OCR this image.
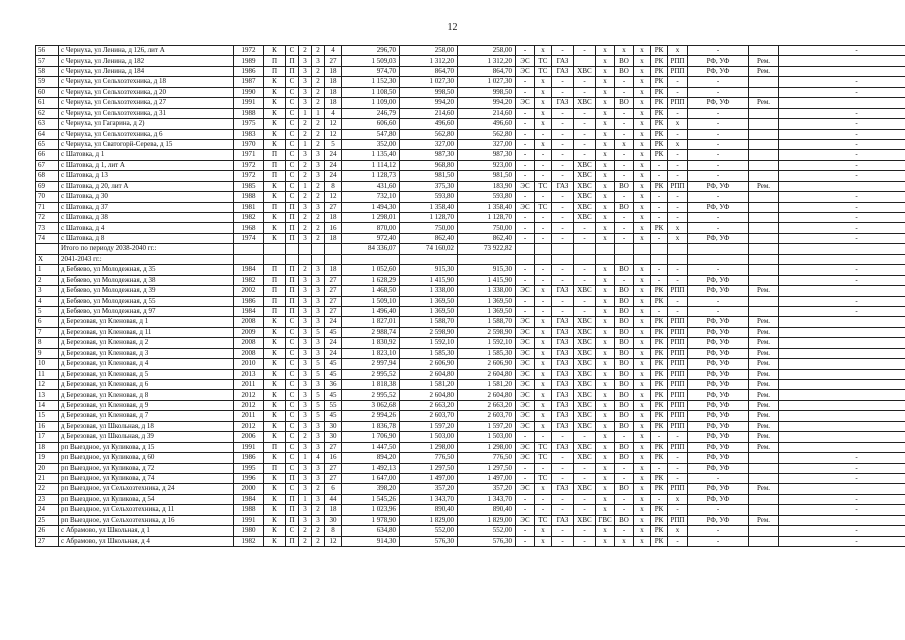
12
56	с Чернуха, ул Ленина, д 126, лит А	1972	К	С	2	2	4	296,70	258,00	258,00	-	х	-	-	х	х	х	РК	х	-		-
57	с Чернуха, ул Ленина, д 182	1989	П	П	3	3	27	1 509,03	1 312,20	1 312,20	ЭС	ТС	ГАЗ		х	ВО	х	РК	РПП	РФ, УФ	Рем.	
58	с Чернуха, ул Ленина, д 184	1986	П	П	3	2	18	974,70	864,70	864,70	ЭС	ТС	ГАЗ	ХВС	х	ВО	х	РК	РПП	РФ, УФ	Рем.	
59	с Чернуха, ул Сельхозтехника, д 18	1987	К	С	3	2	18	1 152,30	1 027,30	1 027,30	-	х	-	-	х	-	х	РК	-	-		-
60	с Чернуха, ул Сельхозтехника, д 20	1990	К	С	3	2	18	1 108,50	998,50	998,50	-	х	-	-	х	-	х	РК	-	-		-
61	с Чернуха, ул Сельхозтехника, д 27	1991	К	С	3	2	18	1 109,00	994,20	994,20	ЭС	х	ГАЗ	ХВС	х	ВО	х	РК	РПП	РФ, УФ	Рем.	
62	с Чернуха, ул Сельхозтехника, д 31	1988	К	С	1	1	4	246,79	214,60	214,60	-	х	-	-	х	-	х	РК	-	-		-
63	с Чернуха, ул Гагарина, д 2)	1975	К	С	2	2	12	606,60	496,60	496,60	-	х	-	-	х	-	х	РК	х	-		-
64	с Чернуха, ул Сельхозтехника, д 6	1983	К	С	2	2	12	547,80	562,80	562,80	-	-	-	-	х	-	х	РК	-	-		-
65	с Чернуха, ул Сватогорй-Серева, д 15	1970	К	С	1	2	5	352,00	327,00	327,00	-	х	-	-	х	х	х	РК	х	-		-
66	с Шатовка, д 1	1971	П	С	3	3	24	1 135,40	987,30	987,30	-	-	-	-	х	-	х	РК	-	-		-
67	с Шатовка, д 1, лит А	1972	П	С	2	3	24	1 114,12	968,80	923,00	-	-	-	ХВС	х	-	х	-	-	-		-
68	с Шатовка, д 13	1972	П	С	2	3	24	1 128,73	981,50	981,50	-	-	-	ХВС	х	-	х	-	-	-		-
69	с Шатовка, д 20, лит А	1985	К	С	1	2	8	431,60	375,30	183,90	ЭС	ТС	ГАЗ	ХВС	х	ВО	х	РК	РПП	РФ, УФ	Рем.	
70	с Шатовка, д 30	1988	К	С	2	2	12	732,10	593,80	593,80	-	-	-	ХВС	х	-	х	-	-	-		-
71	с Шатовка, д 37	1981	П	П	3	3	27	1 494,30	1 358,40	1 358,40	ЭС	ТС	-	ХВС	х	ВО	х	-	-	РФ, УФ		-
72	с Шатовка, д 38	1982	К	П	2	2	18	1 298,01	1 128,70	1 128,70	-	-	-	ХВС	х	-	х	-	-	-		-
73	с Шатовка, д 4	1968	К	П	2	2	16	870,00	750,00	750,00	-	-	-	-	х	-	х	РК	х	-		-
74	с Шатовка, д 8	1974	К	П	3	2	18	972,40	862,40	862,40	-	-	-	-	х	-	х	-	х	РФ, УФ		-
	Итого по периоду 2038-2040 гг.:							84 336,07	74 160,02	73 922,82												
Х	2041-2043 гг.:																					
1	д Бебяево, ул Молодежная, д 35	1984	П	П	2	3	18	1 052,60	915,30	915,30	-	-	-	-	х	ВО	х	-	-	-		-
2	д Бебяево, ул Молодежная, д 38	1982	П	П	3	3	27	1 628,29	1 415,90	1 415,90	-	-	-	-	х	-	х	-	-	РФ, УФ		-
3	д Бебяево, ул Молодежная, д 39	2002	П	П	3	3	27	1 468,50	1 338,00	1 338,00	ЭС	х	ГАЗ	ХВС	х	ВО	х	РК	РПП	РФ, УФ	Рем.	
4	д Бебяево, ул Молодежная, д 55	1986	П	П	3	3	27	1 509,10	1 369,50	1 369,50	-	-	-	-	х	ВО	х	РК	-	-		-
5	д Бебяево, ул Молодежная, д 97	1984	П	П	3	3	27	1 496,40	1 369,50	1 369,50	-	-	-	-	х	ВО	х	-	-	-		-
6	д Березовая, ул Кленовая, д 1	2008	К	С	3	3	24	1 827,01	1 588,70	1 588,70	ЭС	х	ГАЗ	ХВС	х	ВО	х	РК	РПП	РФ, УФ	Рем.	
7	д Березовая, ул Кленовая, д 11	2009	К	С	3	5	45	2 988,74	2 598,90	2 598,90	ЭС	х	ГАЗ	ХВС	х	ВО	х	РК	РПП	РФ, УФ	Рем.	
8	д Березовая, ул Кленовая, д 2	2008	К	С	3	3	24	1 830,92	1 592,10	1 592,10	ЭС	х	ГАЗ	ХВС	х	ВО	х	РК	РПП	РФ, УФ	Рем.	
9	д Березовая, ул Кленовая, д 3	2008	К	С	3	3	24	1 823,10	1 585,30	1 585,30	ЭС	х	ГАЗ	ХВС	х	ВО	х	РК	РПП	РФ, УФ	Рем.	
10	д Березовая, ул Кленовая, д 4	2010	К	С	3	5	45	2 997,94	2 606,90	2 606,90	ЭС	х	ГАЗ	ХВС	х	ВО	х	РК	РПП	РФ, УФ	Рем.	
11	д Березовая, ул Кленовая, д 5	2013	К	С	3	5	45	2 995,52	2 604,80	2 604,80	ЭС	х	ГАЗ	ХВС	х	ВО	х	РК	РПП	РФ, УФ	Рем.	
12	д Березовая, ул Кленовая, д 6	2011	К	С	3	3	36	1 818,38	1 581,20	1 581,20	ЭС	х	ГАЗ	ХВС	х	ВО	х	РК	РПП	РФ, УФ	Рем.	
13	д Березовая, ул Кленовая, д 8	2012	К	С	3	5	45	2 995,52	2 604,80	2 604,80	ЭС	х	ГАЗ	ХВС	х	ВО	х	РК	РПП	РФ, УФ	Рем.	
14	д Березовая, ул Кленовая, д 9	2012	К	С	3	5	55	3 062,68	2 663,20	2 663,20	ЭС	х	ГАЗ	ХВС	х	ВО	х	РК	РПП	РФ, УФ	Рем.	
15	д Березовая, ул Кленовая, д 7	2011	К	С	3	5	45	2 994,26	2 603,70	2 603,70	ЭС	х	ГАЗ	ХВС	х	ВО	х	РК	РПП	РФ, УФ	Рем.	
16	д Березовая, ул Школьная, д 18	2012	К	С	3	3	30	1 836,78	1 597,20	1 597,20	ЭС	х	ГАЗ	ХВС	х	ВО	х	РК	РПП	РФ, УФ	Рем.	
17	д Березовая, ул Школьная, д 39	2006	К	С	2	3	30	1 706,90	1 503,00	1 503,00	-	-	-	-	х	-	х	-	-	РФ, УФ	Рем.	
18	рп Выездное, ул Куликова, д 15	1991	П	С	3	3	27	1 447,50	1 298,00	1 298,00	ЭС	ТС	ГАЗ	ХВС	х	ВО	х	РК	РПП	РФ, УФ	Рем.	
19	рп Выездное, ул Куликова, д 60	1986	К	С	1	4	16	894,20	776,50	776,50	ЭС	ТС	-	ХВС	х	ВО	х	РК	-	РФ, УФ		-
20	рп Выездное, ул Куликова, д 72	1995	П	С	3	3	27	1 492,13	1 297,50	1 297,50	-	-	-	-	х	-	х	-	-	РФ, УФ		-
21	рп Выездное, ул Куликова, д 74	1996	К	П	3	3	27	1 647,00	1 497,00	1 497,00	-	ТС	-	-	х	-	х	РК	-	-		-
22	рп Выездное, ул Сельхозтехника, д 24	2000	К	С	3	2	6	398,20	357,20	357,20	ЭС	х	ГАЗ	ХВС	х	ВО	х	РК	РПП	РФ, УФ	Рем.	
23	рп Выездное, ул Куликова, д 54	1984	К	П	1	3	44	1 545,26	1 343,70	1 343,70	-	-	-	-	х	-	х	-	х	РФ, УФ		-
24	рп Выездное, ул Сельхозтехника, д 11	1988	К	П	3	2	18	1 023,96	890,40	890,40	-	-	-	-	х	-	х	РК	-	-		-
25	рп Выездное, ул Сельхозтехника, д 16	1991	К	П	3	3	30	1 978,90	1 829,00	1 829,00	ЭС	ТС	ГАЗ	ХВС	ГВС	ВО	х	РК	РПП	РФ, УФ	Рем.	
26	с Абрамово, ул Школьная, д 1	1980	К	С	2	2	8	634,80	552,00	552,00	-	х	-	-	х	-	х	РК	х	-		-
27	с Абрамово, ул Школьная, д 4	1982	К	П	2	2	12	914,30	576,30	576,30	-	х	-	-	х	х	х	РК	-	-		-
